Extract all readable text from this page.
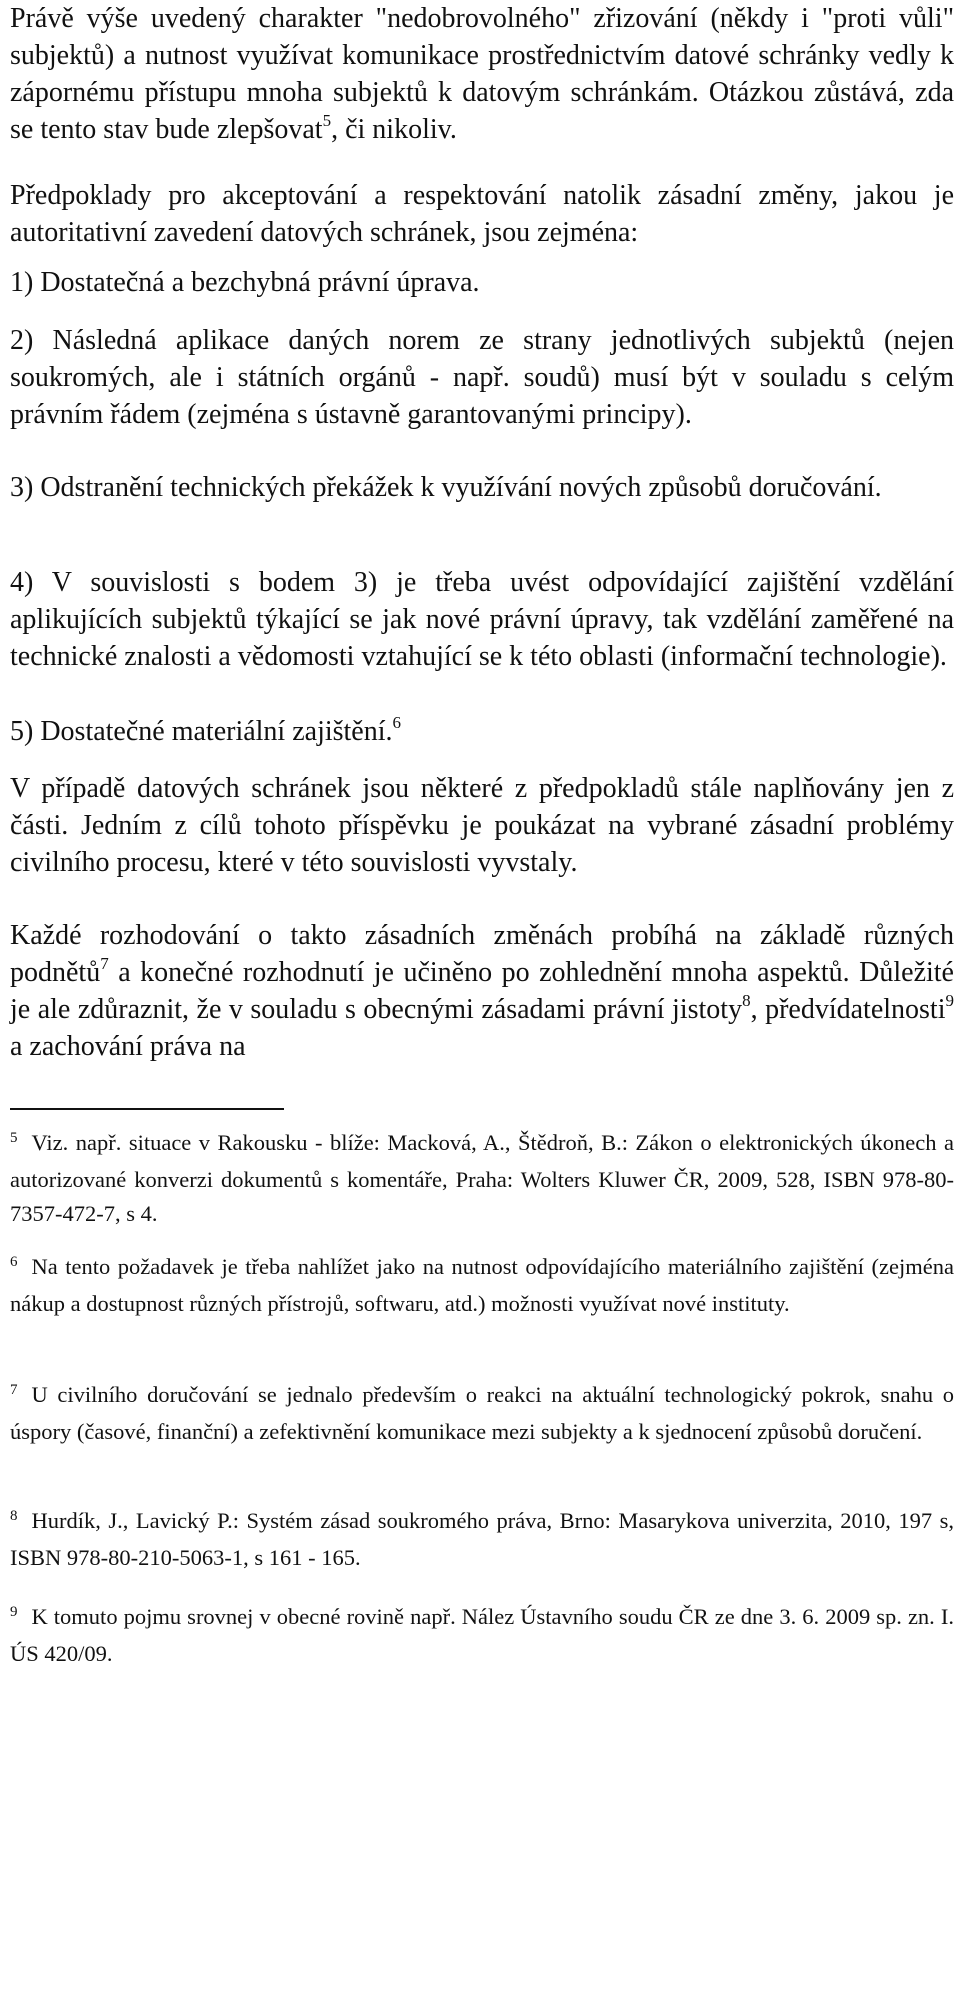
Právě výše uvedený charakter "nedobrovolného" zřizování (někdy i "proti vůli" subjektů) a nutnost využívat komunikace prostřednictvím datové schránky vedly k zápornému přístupu mnoha subjektů k datovým schránkám. Otázkou zůstává, zda se tento stav bude zlepšovat$^5$, či nikoliv.

Předpoklady pro akceptování a respektování natolik zásadní změny, jakou je autoritativní zavedení datových schránek, jsou zejména:

1) Dostatečná a bezchybná právní úprava.

2) Následná aplikace daných norem ze strany jednotlivých subjektů (nejen soukromých, ale i státních orgánů - např. soudů) musí být v souladu s celým právním řádem (zejména s ústavně garantovanými principy).

3) Odstranění technických překážek k využívání nových způsobů doručování.

4) V souvislosti s bodem 3) je třeba uvést odpovídající zajištění vzdělání aplikujících subjektů týkající se jak nové právní úpravy, tak vzdělání zaměřené na technické znalosti a vědomosti vztahující se k této oblasti (informační technologie).

5) Dostatečné materiální zajištění.$^6$

V případě datových schránek jsou některé z předpokladů stále naplňovány jen z části. Jedním z cílů tohoto příspěvku je poukázat na vybrané zásadní problémy civilního procesu, které v této souvislosti vyvstaly.

Každé rozhodování o takto zásadních změnách probíhá na základě různých podnětů$^7$ a konečné rozhodnutí je učiněno po zohlednění mnoha aspektů. Důležité je ale zdůraznit, že v souladu s obecnými zásadami právní jistoty$^8$, předvídatelnosti$^9$ a zachování práva na

$^5$ Viz. např. situace v Rakousku - blíže: Macková, A., Štědroň, B.: Zákon o elektronických úkonech a autorizované konverzi dokumentů s komentáře, Praha: Wolters Kluwer ČR, 2009, 528, ISBN 978-80-7357-472-7, s 4.

$^6$ Na tento požadavek je třeba nahlížet jako na nutnost odpovídajícího materiálního zajištění (zejména nákup a dostupnost různých přístrojů, softwaru, atd.) možnosti využívat nové instituty.

$^7$ U civilního doručování se jednalo především o reakci na aktuální technologický pokrok, snahu o úspory (časové, finanční) a zefektivnění komunikace mezi subjekty a k sjednocení způsobů doručení.

$^8$ Hurdík, J., Lavický P.: Systém zásad soukromého práva, Brno: Masarykova univerzita, 2010, 197 s, ISBN 978-80-210-5063-1, s 161 - 165.

$^9$ K tomuto pojmu srovnej v obecné rovině např. Nález Ústavního soudu ČR ze dne 3. 6. 2009 sp. zn. I. ÚS 420/09.
